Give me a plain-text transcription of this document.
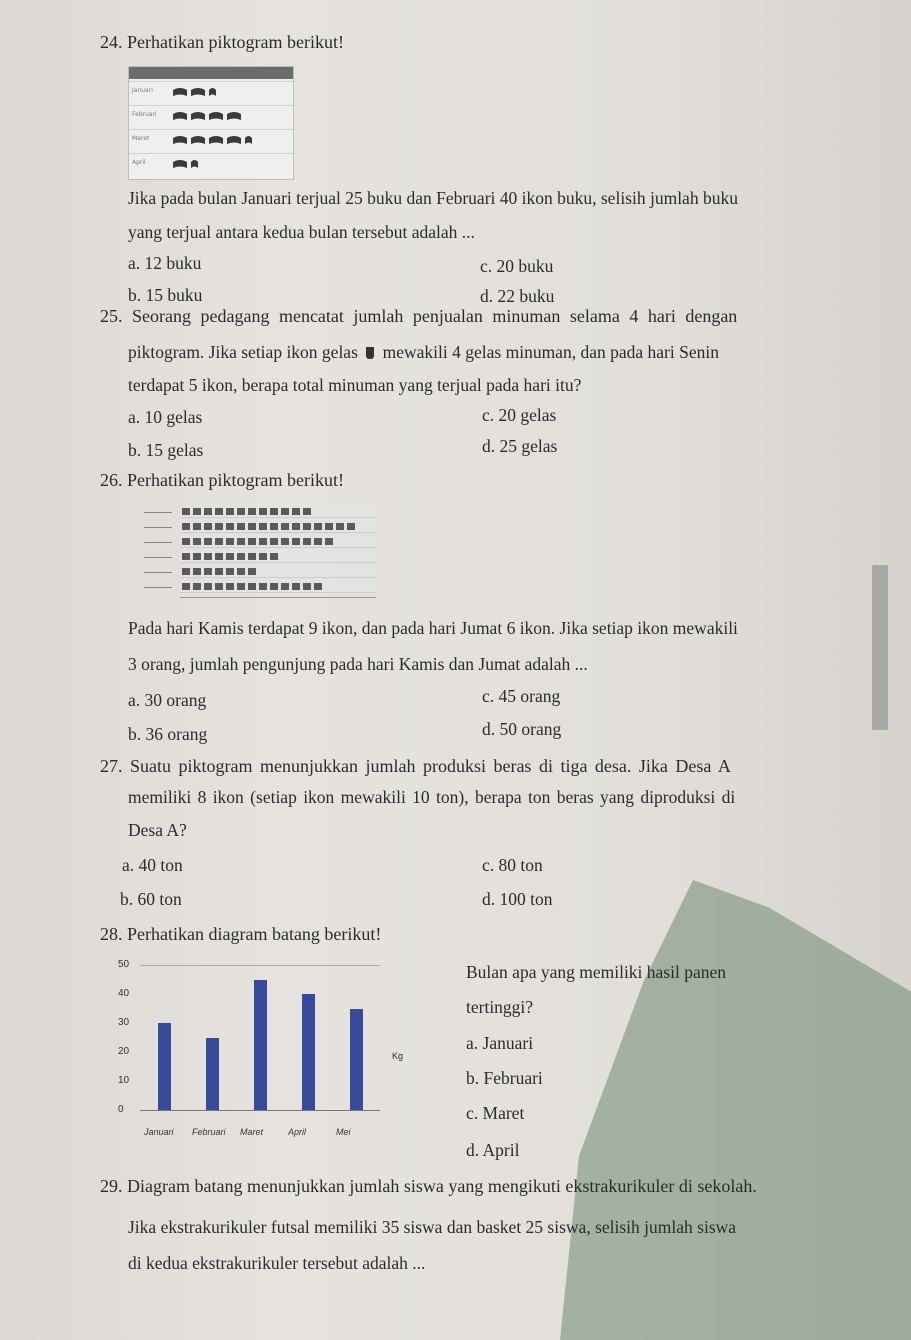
24. Perhatikan piktogram berikut!
Januari
Februari
Maret
April
Jika pada bulan Januari terjual 25 buku dan Februari 40 ikon buku, selisih jumlah buku
yang terjual antara kedua bulan tersebut adalah ...
a. 12 buku	c. 20 buku
b. 15 buku	d. 22 buku
25. Seorang pedagang mencatat jumlah penjualan minuman selama 4 hari dengan
piktogram. Jika setiap ikon gelas mewakili 4 gelas minuman, dan pada hari Senin
terdapat 5 ikon, berapa total minuman yang terjual pada hari itu?
a. 10 gelas	c. 20 gelas
b. 15 gelas	d. 25 gelas
26. Perhatikan piktogram berikut!
Pada hari Kamis terdapat 9 ikon, dan pada hari Jumat 6 ikon. Jika setiap ikon mewakili
3 orang, jumlah pengunjung pada hari Kamis dan Jumat adalah ...
a. 30 orang	c. 45 orang
b. 36 orang	d. 50 orang
27. Suatu piktogram menunjukkan jumlah produksi beras di tiga desa. Jika Desa A
memiliki 8 ikon (setiap ikon mewakili 10 ton), berapa ton beras yang diproduksi di
Desa A?
a. 40 ton	c. 80 ton
b. 60 ton	d. 100 ton
28. Perhatikan diagram batang berikut!
Kg
0
10
20
30
40
50
Januari Februari Maret	April	Mei
Bulan apa yang memiliki hasil panen
tertinggi?
a. Januari
b. Februari
c. Maret
d. April
29. Diagram batang menunjukkan jumlah siswa yang mengikuti ekstrakurikuler di sekolah.
Jika ekstrakurikuler futsal memiliki 35 siswa dan basket 25 siswa, selisih jumlah siswa
di kedua ekstrakurikuler tersebut adalah ...
